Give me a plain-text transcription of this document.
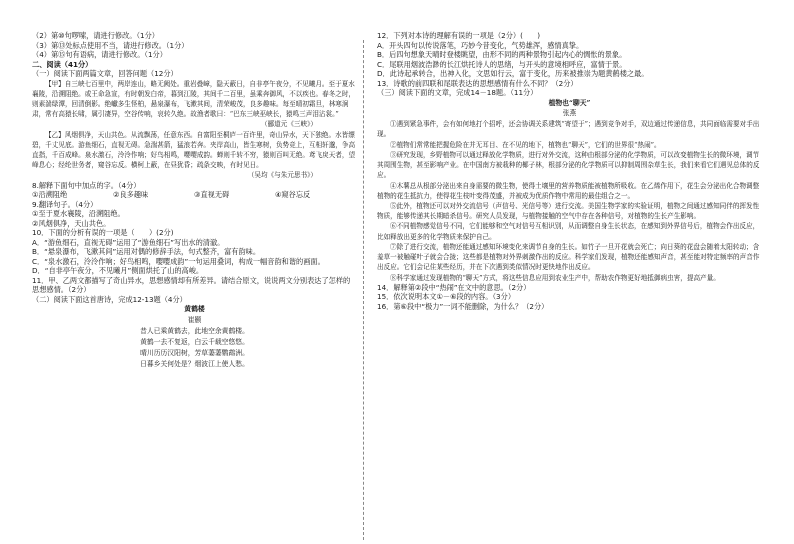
（2）第⑩句啰嗦，请进行修改。（1分）
（3）第⑬处标点使用不当，请进行修改。（1分）
（4）第⑮句有语病，请进行修改。（1分）
二、阅读（41分）
（一）阅读下面两篇文章，回答问题（12分）
【甲】自三峡七百里中，两岸连山，略无阙处。重岩叠嶂，隐天蔽日，自非亭午夜分，不见曦月。至于夏水襄陵，沿溯阻绝。或王命急宣，有时朝发白帝，暮到江陵，其间千二百里，虽乘奔御风，不以疾也。春冬之时，则素湍绿潭，回清倒影。绝巘多生怪柏，悬泉瀑布，飞漱其间，清荣峻茂，良多趣味。每至晴初霜旦，林寒涧肃，常有高猿长啸，属引凄异，空谷传响，哀转久绝。故渔者歌曰：“巴东三峡巫峡长，猿鸣三声泪沾裳。”
（郦道元《三峡》）
【乙】风烟俱净，天山共色。从流飘荡，任意东西。自富阳至桐庐一百许里，奇山异水，天下独绝。水皆缥碧，千丈见底。游鱼细石，直视无碍。急湍甚箭，猛浪若奔。夹岸高山，皆生寒树，负势竞上，互相轩邈，争高直指，千百成峰。泉水激石，泠泠作响；好鸟相鸣，嘤嘤成韵。蝉则千转不穷，猿则百叫无绝。鸢飞戾天者，望峰息心；经纶世务者，窥谷忘反。横柯上蔽，在昼犹昏；疏条交映，有时见日。
（吴均《与朱元思书》）
8.解释下面句中加点的字。（4分）
①沿溯阻绝	②良多趣味	③直视无碍	④窥谷忘反
9.翻译句子。（4分）
①至于夏水襄陵，沿溯阻绝。
②风烟俱净，天山共色。
10．下面的分析有误的一项是（　　）(2分)
A．“游鱼细石，直视无碍”运用了“游鱼细石”写出水的清澈。
B．“悬泉瀑布，飞漱其间”运用对偶的修辞手法，句式整齐，富有韵味。
C．“泉水激石，泠泠作响；好鸟相鸣，嘤嘤成韵”一句运用叠词，构成一幅音韵和谐的画面。
D．“自非亭午夜分，不见曦月”侧面烘托了山的高峻。
11．甲、乙两文都描写了奇山异水，思想感情却有所差异。请结合原文，说说两文分别表达了怎样的思想感情。（2分）
（二）阅读下面这首唐诗，完成12-13题（4分）
黄鹤楼
崔颢
昔人已乘黄鹤去，此地空余黄鹤楼。
黄鹤一去不复返，白云千载空悠悠。
晴川历历汉阳树，芳草萋萋鹦鹉洲。
日暮乡关何处是？烟波江上使人愁。
12．下列对本诗的理解有误的一项是（2分）(　　)
A．开头四句以传说落笔，巧妙今昔变化，气势雄浑，感情真挚。
B．后四句想象天晴时登楼眺望，由形不同的两种景物引起内心的惆怅的景象。
C．尾联用烟波浩渺的长江烘托诗人的思绪，与开头的意境相呼应，富情于景。
D．此诗起承转合，出神入化，文思如行云，富于变化，历来被推崇为题黄鹤楼之最。
13．诗歌的前四联和尾联表达的思想感情有什么不同？（2分）
（三）阅读下面的文章，完成14－18题。（11分）
植物也“聊天”
张燕
①遇到紧急事件，会有如何地打个招呼，还会协调关系建筑“寄望于”；遇到竞争对手，双边通过传递信息，共同面临需要对手出现。
②植物们常常能把握危险在并无耳目、在不见的地下，植物也“聊天”，它们的世界很“热闹”。
③研究发现，乡野植物可以通过释放化学物质，进行对外交流，这种由根部分泌的化学物质，可以改变植物生长的微环境，调节其周围生物，甚至影响产业。在中国南方被栽种的椰子林，根部分泌的化学物质可以抑制周围杂草生长，我们来看它们遇见总体的反应。
④木薯总从根部分泌出来自身需要的微生物，使得土壤里的营养物质能被植物所吸收。在乙烯作用下，花生会分泌出化合物调整植物的花生抵抗力，使得花生枝叶变得茂盛，并被成为优质作物中常用的最佳组合之一。
⑤此外，植物还可以对外交流信号（声信号、光信号等）进行交流。美国生物学家的实验证明，植物之间通过感知同伴的挥发性物质，能够传递其长期暗杀信号。研究人员发现，与植物接触的空气中存在各种信号，对植物的生长产生影响。
⑥不同植物感觉信号不同，它们能够和空气对信号互相识别，从而调整自身生长状态，在感知到外界信号后，植物会作出反应，比如释放出更多的化学物质来保护自己。
⑦除了进行交流，植物还能通过感知环境变化来调节自身的生长。如竹子一旦开花就会死亡；向日葵的花盘会随着太阳转动；含羞草一被触碰叶子就会合拢；这些都是植物对外界刺激作出的反应。科学家们发现，植物还能感知声音，甚至能对特定频率的声音作出反应。它们会记住某些经历，并在下次遇到类似情况时更快地作出反应。
⑧科学家通过发现植物的“聊天”方式，将这些信息应用到农业生产中，帮助农作物更好地抵御病虫害，提高产量。
14．解释第②段中“热闹”在文中的意思。（2分）
15．依次说明本文①－⑥段的内容。（3分）
16．第⑥段中“极力”一词不能删除，为什么？（2分）
